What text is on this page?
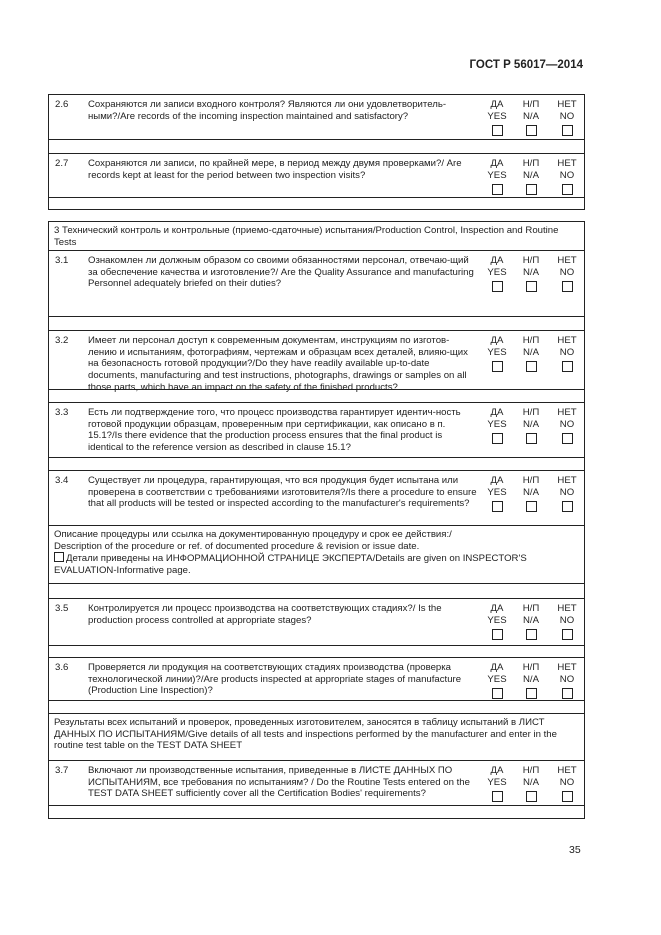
ГОСТ Р 56017—2014
2.6 Сохраняются ли записи входного контроля? Являются ли они удовлетворитель-ными?/Are records of the incoming inspection maintained and satisfactory?
ДА
YES
Н/П
N/A
НЕТ
NO
2.7 Сохраняются ли записи, по крайней мере, в период между двумя проверками?/ Are records kept at least for the period between two inspection visits?
ДА
YES
Н/П
N/A
НЕТ
NO
3 Технический контроль и контрольные (приемо-сдаточные) испытания/Production Control, Inspection and Routine Tests
3.1 Ознакомлен ли должным образом со своими обязанностями персонал, отвечаю-щий за обеспечение качества и изготовление?/ Are the Quality Assurance and manufacturing Personnel adequately briefed on their duties?
ДА
YES
Н/П
N/A
НЕТ
NO
3.2 Имеет ли персонал доступ к современным документам, инструкциям по изготов-лению и испытаниям, фотографиям, чертежам и образцам всех деталей, влияю-щих на безопасность готовой продукции?/Do they have readily available up-to-date documents, manufacturing and test instructions, photographs, drawings or samples on all those parts, which have an impact on the safety of the finished products?
ДА
YES
Н/П
N/A
НЕТ
NO
3.3 Есть ли подтверждение того, что процесс производства гарантирует идентич-ность готовой продукции образцам, проверенным при сертификации, как описано в п. 15.1?/Is there evidence that the production process ensures that the final product is identical to the reference version as described in clause 15.1?
ДА
YES
Н/П
N/A
НЕТ
NO
3.4 Существует ли процедура, гарантирующая, что вся продукция будет испытана или проверена в соответствии с требованиями изготовителя?/Is there a procedure to ensure that all products will be tested or inspected according to the manufacturer's requirements?
ДА
YES
Н/П
N/A
НЕТ
NO
Описание процедуры или ссылка на документированную процедуру и срок ее действия:/
Description of the procedure or ref. of documented procedure & revision or issue date.
Детали приведены на ИНФОРМАЦИОННОЙ СТРАНИЦЕ ЭКСПЕРТА/Details are given on INSPECTOR'S EVALUATION-Informative page.
3.5 Контролируется ли процесс производства на соответствующих стадиях?/ Is the production process controlled at appropriate stages?
ДА
YES
Н/П
N/A
НЕТ
NO
3.6 Проверяется ли продукция на соответствующих стадиях производства (проверка технологической линии)?/Are products inspected at appropriate stages of manufacture (Production Line Inspection)?
ДА
YES
Н/П
N/A
НЕТ
NO
Результаты всех испытаний и проверок, проведенных изготовителем, заносятся в таблицу испытаний в ЛИСТ ДАННЫХ ПО ИСПЫТАНИЯМ/Give details of all tests and inspections performed by the manufacturer and enter in the routine test table on the TEST DATA SHEET
3.7 Включают ли производственные испытания, приведенные в ЛИСТЕ ДАННЫХ ПО ИСПЫТАНИЯМ, все требования по испытаниям? / Do the Routine Tests entered on the TEST DATA SHEET sufficiently cover all the Certification Bodies' requirements?
ДА
YES
Н/П
N/A
НЕТ
NO
35
